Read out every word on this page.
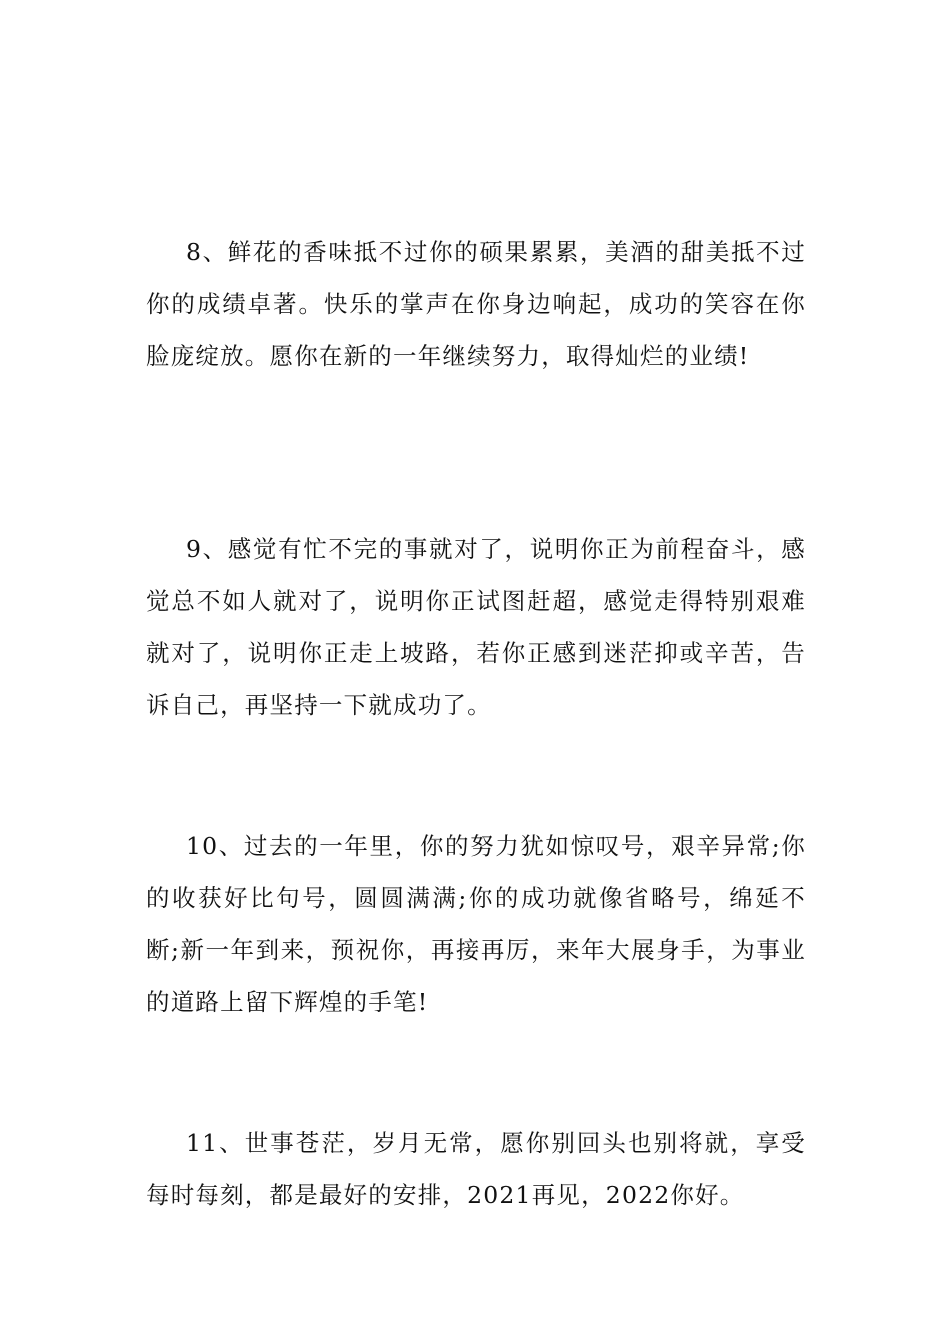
8、鲜花的香味抵不过你的硕果累累，美酒的甜美抵不过你的成绩卓著。快乐的掌声在你身边响起，成功的笑容在你脸庞绽放。愿你在新的一年继续努力，取得灿烂的业绩!

9、感觉有忙不完的事就对了，说明你正为前程奋斗，感觉总不如人就对了，说明你正试图赶超，感觉走得特别艰难就对了，说明你正走上坡路，若你正感到迷茫抑或辛苦，告诉自己，再坚持一下就成功了。

10、过去的一年里，你的努力犹如惊叹号，艰辛异常;你的收获好比句号，圆圆满满;你的成功就像省略号，绵延不断;新一年到来，预祝你，再接再厉，来年大展身手，为事业的道路上留下辉煌的手笔!

11、世事苍茫，岁月无常，愿你别回头也别将就，享受每时每刻，都是最好的安排，2021再见，2022你好。
